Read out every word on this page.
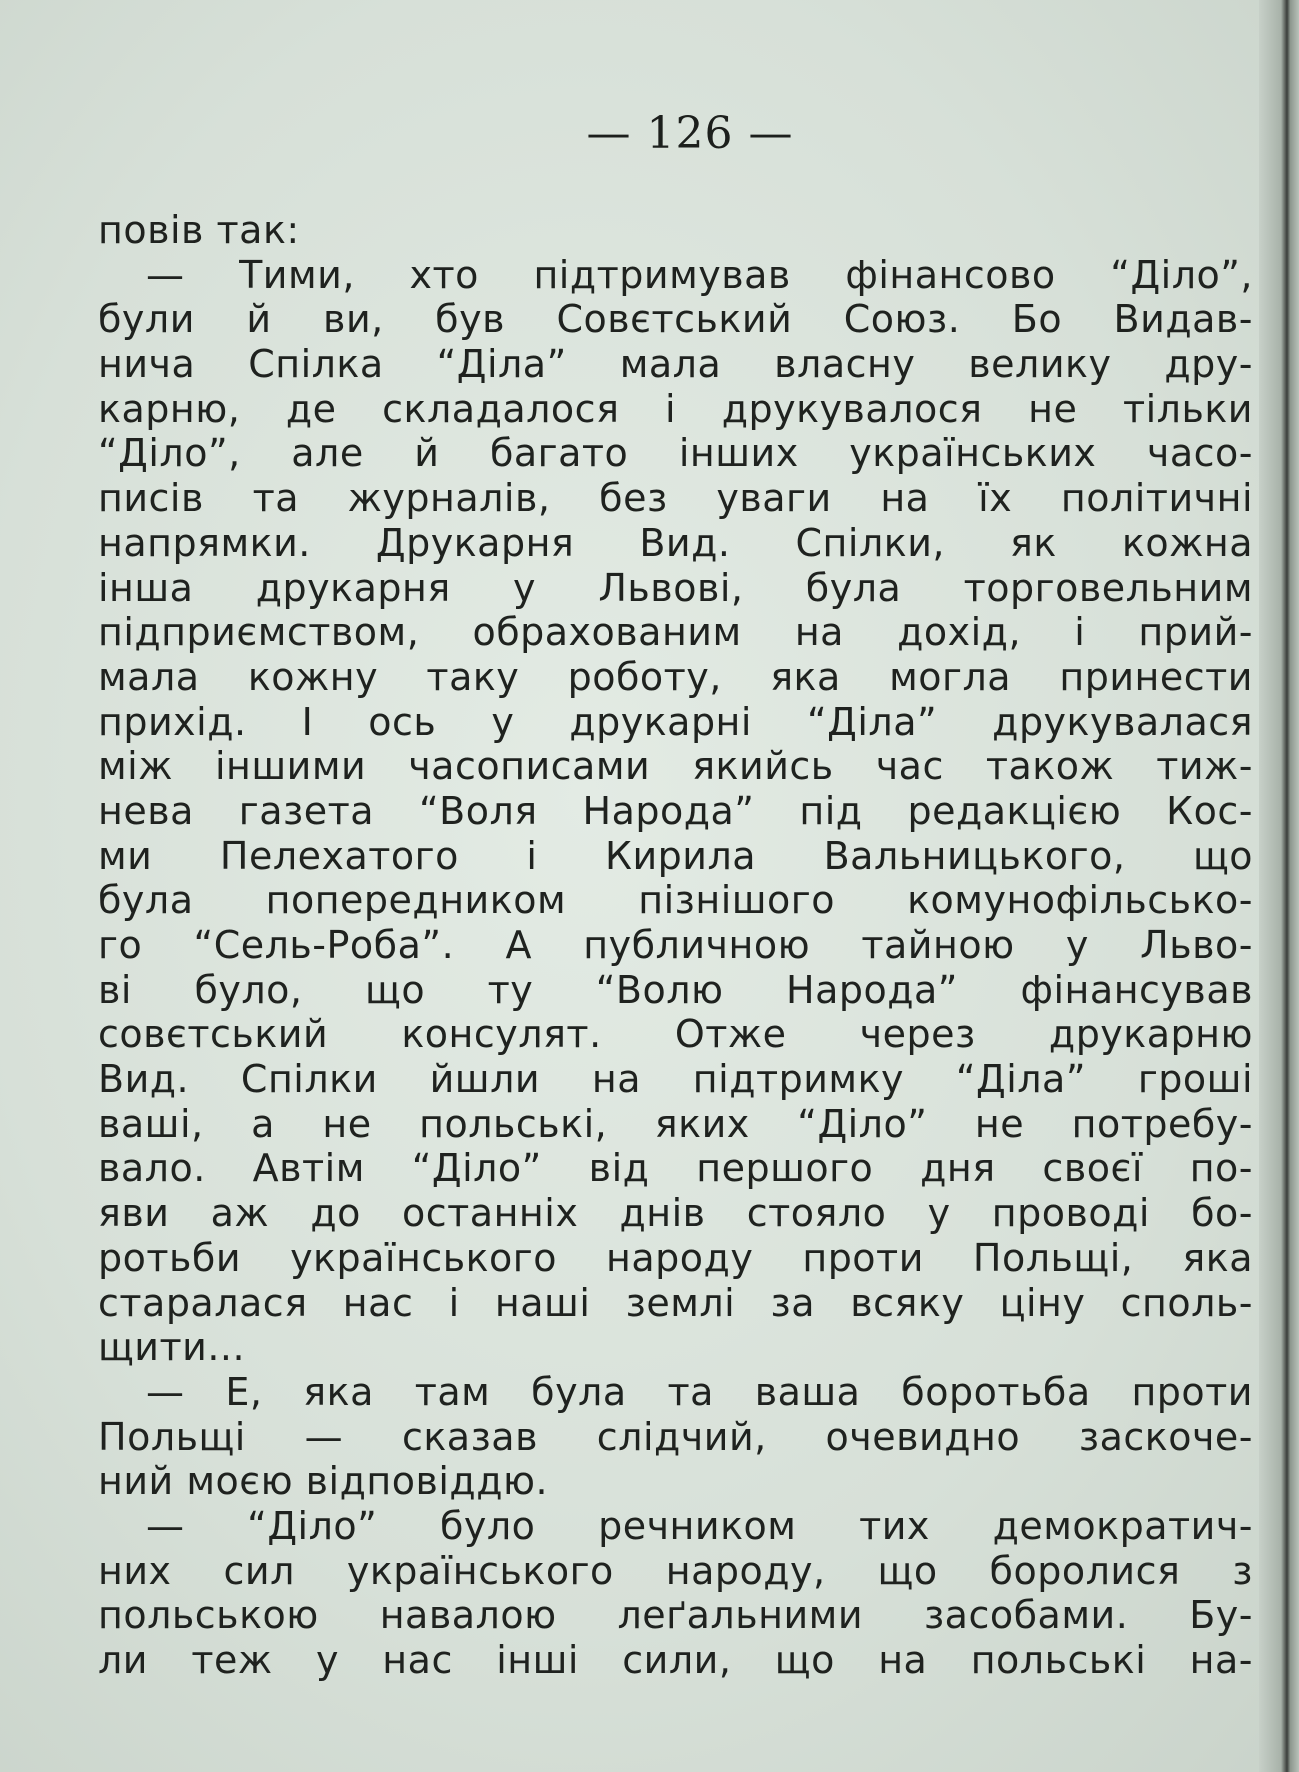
— 126 —
повів так:
— Тими, хто підтримував фінансово “Діло”,
були й ви, був Совєтський Союз. Бо Видав-
нича Спілка “Діла” мала власну велику дру-
карню, де складалося і друкувалося не тільки
“Діло”, але й багато інших українських часо-
писів та журналів, без уваги на їх політичні
напрямки. Друкарня Вид. Спілки, як кожна
інша друкарня у Львові, була торговельним
підприємством, обрахованим на дохід, і прий-
мала кожну таку роботу, яка могла принести
прихід. І ось у друкарні “Діла” друкувалася
між іншими часописами якийсь час також тиж-
нева газета “Воля Народа” під редакцією Кос-
ми Пелехатого і Кирила Вальницького, що
була попередником пізнішого комунофільсько-
го “Сель-Роба”. А публичною тайною у Льво-
ві було, що ту “Волю Народа” фінансував
совєтський консулят. Отже через друкарню
Вид. Спілки йшли на підтримку “Діла” гроші
ваші, а не польські, яких “Діло” не потребу-
вало. Автім “Діло” від першого дня своєї по-
яви аж до останніх днів стояло у проводі бо-
ротьби українського народу проти Польщі, яка
старалася нас і наші землі за всяку ціну споль-
щити...
— Е, яка там була та ваша боротьба проти
Польщі — сказав слідчий, очевидно заскоче-
ний моєю відповіддю.
— “Діло” було речником тих демократич-
них сил українського народу, що боролися з
польською навалою леґальними засобами. Бу-
ли теж у нас інші сили, що на польські на-
